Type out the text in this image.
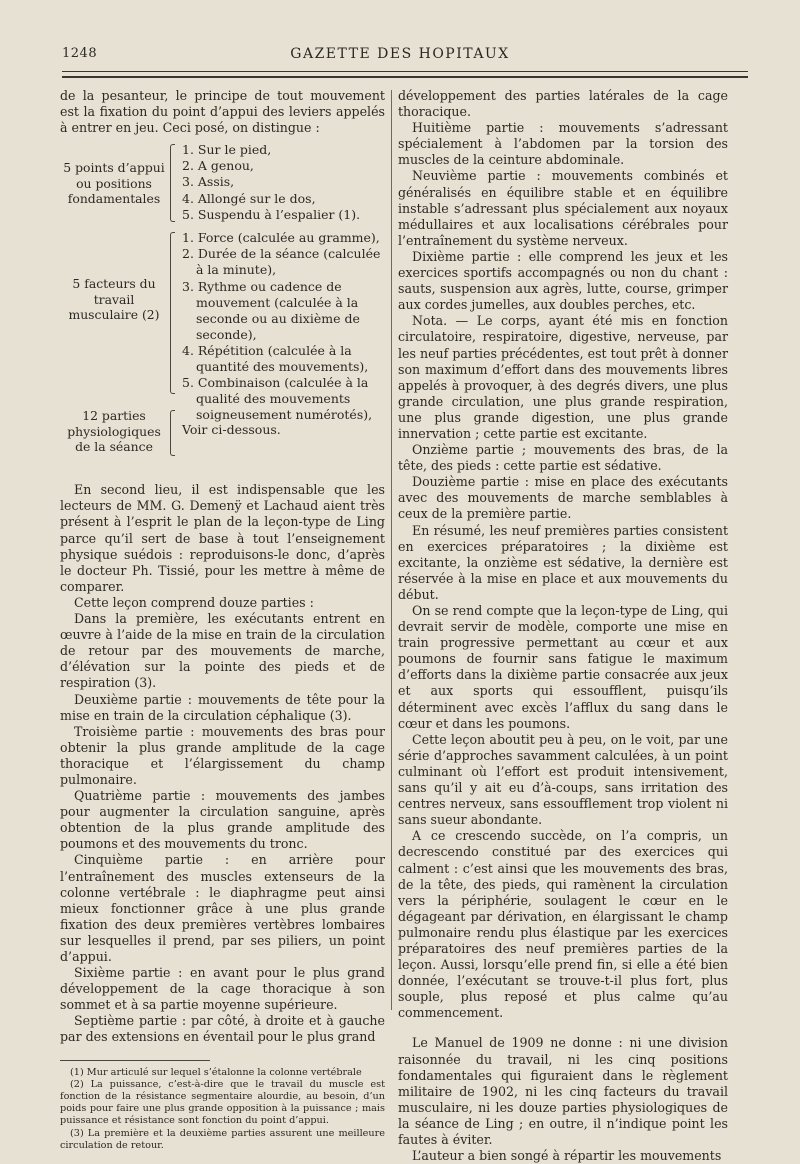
1248	GAZETTE DES HOPITAUX

de la pesanteur, le principe de tout mouvement est la fixation du point d’appui des leviers appelés à entrer en jeu. Ceci posé, on distingue :

5 points d’appui ou positions fondamentales
1. Sur le pied,
2. A genou,
3. Assis,
4. Allongé sur le dos,
5. Suspendu à l’espalier (1).
5 facteurs du travail musculaire (2)
1. Force (calculée au gramme),
2. Durée de la séance (calculée à la minute),
3. Rythme ou cadence de mouvement (calculée à la seconde ou au dixième de seconde),
4. Répétition (calculée à la quantité des mouvements),
5. Combinaison (calculée à la qualité des mouvements soigneusement numérotés),
12 parties physiologiques de la séance
Voir ci-dessous.

En second lieu, il est indispensable que les lecteurs de MM. G. Demenÿ et Lachaud aient très présent à l’esprit le plan de la leçon-type de Ling parce qu’il sert de base à tout l’enseignement physique suédois : reproduisons-le donc, d’après le docteur Ph. Tissié, pour les mettre à même de comparer.

Cette leçon comprend douze parties :

Dans la première, les exécutants entrent en œuvre à l’aide de la mise en train de la circulation de retour par des mouvements de marche, d’élévation sur la pointe des pieds et de respiration (3).

Deuxième partie : mouvements de tête pour la mise en train de la circulation céphalique (3).

Troisième partie : mouvements des bras pour obtenir la plus grande amplitude de la cage thoracique et l’élargissement du champ pulmonaire.

Quatrième partie : mouvements des jambes pour augmenter la circulation sanguine, après obtention de la plus grande amplitude des poumons et des mouvements du tronc.

Cinquième partie : en arrière pour l’entraînement des muscles extenseurs de la colonne vertébrale : le diaphragme peut ainsi mieux fonctionner grâce à une plus grande fixation des deux premières vertèbres lombaires sur lesquelles il prend, par ses piliers, un point d’appui.

Sixième partie : en avant pour le plus grand développement de la cage thoracique à son sommet et à sa partie moyenne supérieure.

Septième partie : par côté, à droite et à gauche par des extensions en éventail pour le plus grand

(1) Mur articulé sur lequel s’étalonne la colonne vertébrale

(2) La puissance, c’est-à-dire que le travail du muscle est fonction de la résistance segmentaire alourdie, au besoin, d’un poids pour faire une plus grande opposition à la puissance ; mais puissance et résistance sont fonction du point d’appui.

(3) La première et la deuxième parties assurent une meilleure circulation de retour.

développement des parties latérales de la cage thoracique.

Huitième partie : mouvements s’adressant spécialement à l’abdomen par la torsion des muscles de la ceinture abdominale.

Neuvième partie : mouvements combinés et généralisés en équilibre stable et en équilibre instable s’adressant plus spécialement aux noyaux médullaires et aux localisations cérébrales pour l’entraînement du système nerveux.

Dixième partie : elle comprend les jeux et les exercices sportifs accompagnés ou non du chant : sauts, suspension aux agrès, lutte, course, grimper aux cordes jumelles, aux doubles perches, etc.

Nota. — Le corps, ayant été mis en fonction circulatoire, respiratoire, digestive, nerveuse, par les neuf parties précédentes, est tout prêt à donner son maximum d’effort dans des mouvements libres appelés à provoquer, à des degrés divers, une plus grande circulation, une plus grande respiration, une plus grande digestion, une plus grande innervation ; cette partie est excitante.

Onzième partie ; mouvements des bras, de la tête, des pieds : cette partie est sédative.

Douzième partie : mise en place des exécutants avec des mouvements de marche semblables à ceux de la première partie.

En résumé, les neuf premières parties consistent en exercices préparatoires ; la dixième est excitante, la onzième est sédative, la dernière est réservée à la mise en place et aux mouvements du début.

On se rend compte que la leçon-type de Ling, qui devrait servir de modèle, comporte une mise en train progressive permettant au cœur et aux poumons de fournir sans fatigue le maximum d’efforts dans la dixième partie consacrée aux jeux et aux sports qui essoufflent, puisqu’ils déterminent avec excès l’afflux du sang dans le cœur et dans les poumons.

Cette leçon aboutit peu à peu, on le voit, par une série d’approches savamment calculées, à un point culminant où l’effort est produit intensivement, sans qu’il y ait eu d’à-coups, sans irritation des centres nerveux, sans essoufflement trop violent ni sans sueur abondante.

A ce crescendo succède, on l’a compris, un decrescendo constitué par des exercices qui calment : c’est ainsi que les mouvements des bras, de la tête, des pieds, qui ramènent la circulation vers la périphérie, soulagent le cœur en le dégageant par dérivation, en élargissant le champ pulmonaire rendu plus élastique par les exercices préparatoires des neuf premières parties de la leçon. Aussi, lorsqu’elle prend fin, si elle a été bien donnée, l’exécutant se trouve-t-il plus fort, plus souple, plus reposé et plus calme qu’au commencement.

Le Manuel de 1909 ne donne : ni une division raisonnée du travail, ni les cinq positions fondamentales qui figuraient dans le règlement militaire de 1902, ni les cinq facteurs du travail musculaire, ni les douze parties physiologiques de la séance de Ling ; en outre, il n’indique point les fautes à éviter.

L’auteur a bien songé à répartir les mouvements
